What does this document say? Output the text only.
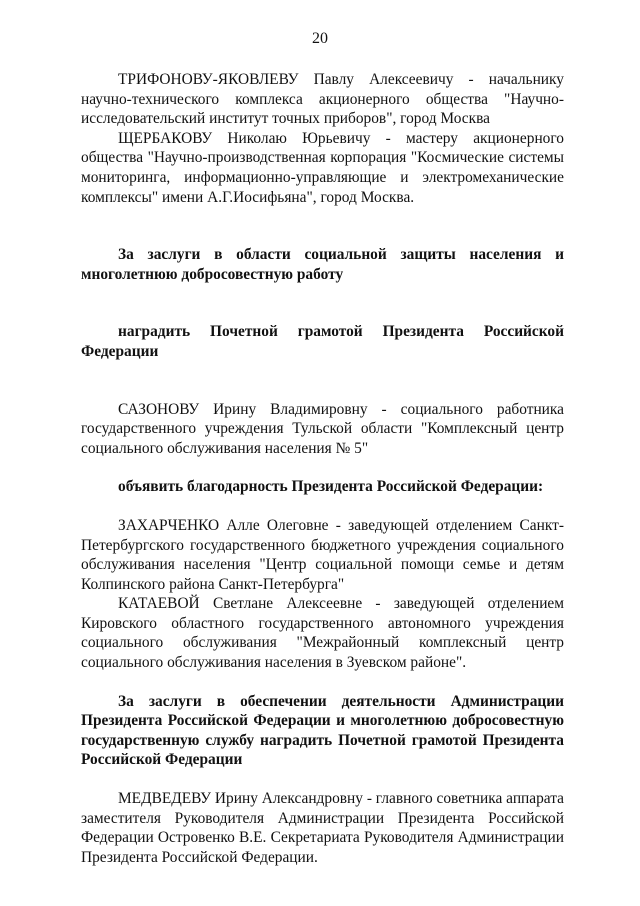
20

ТРИФОНОВУ-ЯКОВЛЕВУ Павлу Алексеевичу - начальнику научно-технического комплекса акционерного общества "Научно-исследовательский институт точных приборов", город Москва

ЩЕРБАКОВУ Николаю Юрьевичу - мастеру акционерного общества "Научно-производственная корпорация "Космические системы мониторинга, информационно-управляющие и электромеханические комплексы" имени А.Г.Иосифьяна", город Москва.

За заслуги в области социальной защиты населения и многолетнюю добросовестную работу

наградить Почетной грамотой Президента Российской Федерации

САЗОНОВУ Ирину Владимировну - социального работника государственного учреждения Тульской области "Комплексный центр социального обслуживания населения № 5"

объявить благодарность Президента Российской Федерации:

ЗАХАРЧЕНКО Алле Олеговне - заведующей отделением Санкт-Петербургского государственного бюджетного учреждения социального обслуживания населения "Центр социальной помощи семье и детям Колпинского района Санкт-Петербурга"

КАТАЕВОЙ Светлане Алексеевне - заведующей отделением Кировского областного государственного автономного учреждения социального обслуживания "Межрайонный комплексный центр социального обслуживания населения в Зуевском районе".

За заслуги в обеспечении деятельности Администрации Президента Российской Федерации и многолетнюю добросовестную государственную службу наградить Почетной грамотой Президента Российской Федерации

МЕДВЕДЕВУ Ирину Александровну - главного советника аппарата заместителя Руководителя Администрации Президента Российской Федерации Островенко В.Е. Секретариата Руководителя Администрации Президента Российской Федерации.
